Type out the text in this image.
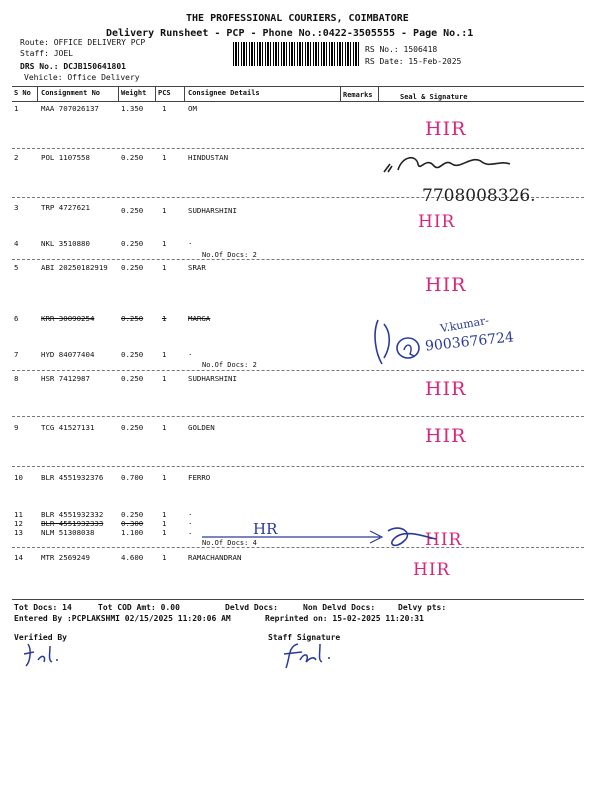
THE PROFESSIONAL COURIERS, COIMBATORE
Delivery Runsheet - PCP - Phone No.:0422-3505555 - Page No.:1
Route: OFFICE DELIVERY PCP
Staff: JOEL
DRS No.: DCJB150641801
Vehicle: Office Delivery
RS No.: 1506418
RS Date: 15-Feb-2025
S No Consignment No	Weight PCS Consignee Details	Remarks	Seal & Signature
1	MAA 707026137	1.350	1	OM
2	POL 1107558	0.250	1	HINDUSTAN
3	TRP 4727621	0.250	1	SUDHARSHINI
4	NKL 3510880	0.250	1	.
No.Of Docs: 2
5	ABI 20250182919 0.250	1	SRAR
6	KRR 30090254	0.250	1	MARGA
7	HYD 84077404	0.250	1	.
No.Of Docs: 2
8	HSR 7412987	0.250	1	SUDHARSHINI
9	TCG 41527131	0.250	1	GOLDEN
10 BLR 4551932376 0.700	1	FERRO
11 BLR 4551932332 0.250	1	.
12 BLR 4551932333 0.300	1	.
13 NLM 51308038	1.100	1	.
No.Of Docs: 4
14 MTR 2569249	4.600	1	RAMACHANDRAN
Tot Docs: 14	Tot COD Amt: 0.00	Delvd Docs:	Non Delvd Docs:	Delvy pts:
Entered By :PCPLAKSHMI 02/15/2025 11:20:06 AM	Reprinted on: 15-02-2025 11:20:31
Verified By	Staff Signature
HIR
HIR
HIR
HIR
HIR
HIR
HIR
7708008326.
V.kumar-
9003676724
HR
